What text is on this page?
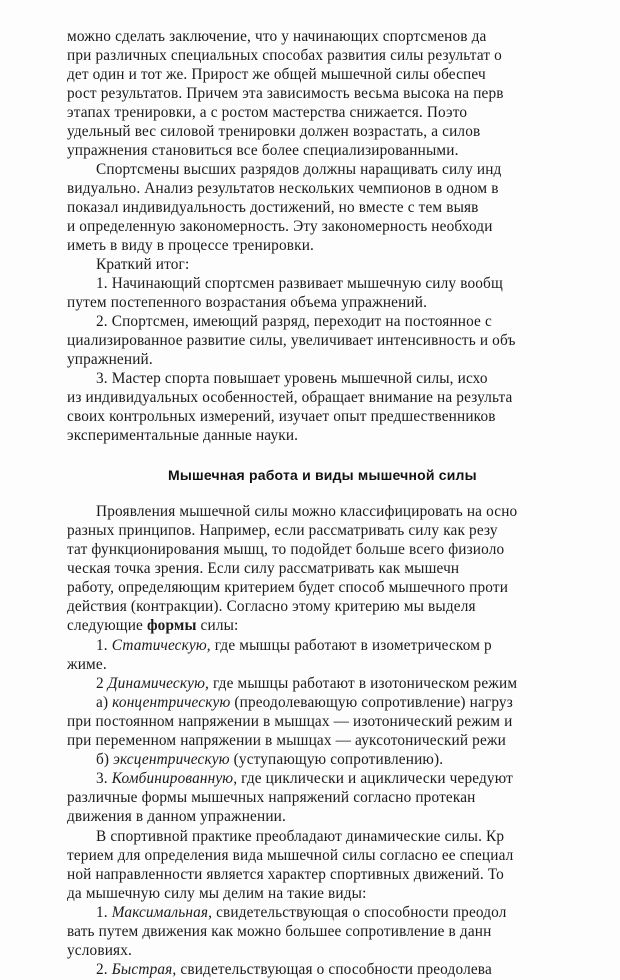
можно сделать заключение, что у начинающих спортсменов да
при различных специальных способах развития силы результат о
дет один и тот же. Прирост же общей мышечной силы обеспеч
рост результатов. Причем эта зависимость весьма высока на перв
этапах тренировки, а с ростом мастерства снижается. Поэто
удельный вес силовой тренировки должен возрастать, а силов
упражнения становиться все более специализированными.
Спортсмены высших разрядов должны наращивать силу инд
видуально. Анализ результатов нескольких чемпионов в одном в
показал индивидуальность достижений, но вместе с тем выяв
и определенную закономерность. Эту закономерность необходи
иметь в виду в процессе тренировки.
Краткий итог:
1. Начинающий спортсмен развивает мышечную силу вообщ
путем постепенного возрастания объема упражнений.
2. Спортсмен, имеющий разряд, переходит на постоянное с
циализированное развитие силы, увеличивает интенсивность и объ
упражнений.
3. Мастер спорта повышает уровень мышечной силы, исхо
из индивидуальных особенностей, обращает внимание на результа
своих контрольных измерений, изучает опыт предшественников
экспериментальные данные науки.
Мышечная работа и виды мышечной силы
Проявления мышечной силы можно классифицировать на осно
разных принципов. Например, если рассматривать силу как резу
тат функционирования мышц, то подойдет больше всего физиоло
ческая точка зрения. Если силу рассматривать как мышечн
работу, определяющим критерием будет способ мышечного проти
действия (контракции). Согласно этому критерию мы выделя
следующие формы силы:
1. Статическую, где мышцы работают в изометрическом р
жиме.
2 Динамическую, где мышцы работают в изотоническом режим
а) концентрическую (преодолевающую сопротивление) нагруз
при постоянном напряжении в мышцах — изотонический режим и
при переменном напряжении в мышцах — ауксотонический режи
б) эксцентрическую (уступающую сопротивлению).
3. Комбинированную, где циклически и ациклически чередуют
различные формы мышечных напряжений согласно протекан
движения в данном упражнении.
В спортивной практике преобладают динамические силы. Кр
терием для определения вида мышечной силы согласно ее специал
ной направленности является характер спортивных движений. То
да мышечную силу мы делим на такие виды:
1. Максимальная, свидетельствующая о способности преодол
вать путем движения как можно большее сопротивление в данн
условиях.
2. Быстрая, свидетельствующая о способности преодолева
